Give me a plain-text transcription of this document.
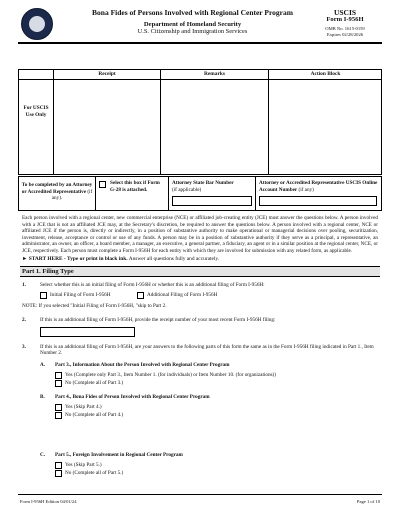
Bona Fides of Persons Involved with Regional Center Program
Department of Homeland Security
U.S. Citizenship and Immigration Services
USCIS
Form I-956H
OMB No. 1615-0159
Expires 02/28/2026
Receipt	Remarks	Action Block
For USCIS Use Only
To be completed by an Attorney or Accredited Representative (if any).
Select this box if Form G-28 is attached.
Attorney State Bar Number
(if applicable)
Attorney or Accredited Representative USCIS Online Account Number (if any)
Each person involved with a regional center, new commercial enterprise (NCE) or affiliated job-creating entity (JCE) must answer the questions below. A person involved with a JCE that is not an affiliated JCE may, at the Secretary's discretion, be required to answer the questions below. A person involved with a regional center, NCE or affiliated JCE if the person is, directly or indirectly, in a position of substantive authority to make operational or managerial decisions over pooling, securitization, investment, release, acceptance or control or use of any funds. A person may be in a position of substantive authority if they serve as a principal, a representative, an administrator, an owner, an officer, a board member, a manager, an executive, a general partner, a fiduciary, an agent or in a similar position at the regional center, NCE, or JCE, respectively. Each person must complete a Form I-956H for each entity with which they are involved for submission with any related form, as applicable.
► START HERE - Type or print in black ink. Answer all questions fully and accurately.
Part 1. Filing Type
1.	Select whether this is an initial filing of Form I-956H or whether this is an additional filing of Form I-956H:
Initial Filing of Form I-956H	Additional Filing of Form I-956H
NOTE: If you selected "Initial Filing of Form I-956H, "skip to Part 2.
2.	If this is an additional filing of Form I-956H, provide the receipt number of your most recent Form I-956H filing:
3.	If this is an additional filing of Form I-956H, are your answers to the following parts of this form the same as in the Form I-956H filing indicated in Part 1., Item Number 2.
A. Part 3., Information About the Person Involved with Regional Center Program
Yes (Complete only Part 3., Item Number 1. (for individuals) or Item Number 10. (for organizations))
No (Complete all of Part 3.)
B. Part 4., Bona Fides of Person Involved with Regional Center Program
Yes (Skip Part 4.)
No (Complete all of Part 4.)
C. Part 5., Foreign Involvement in Regional Center Program
Yes (Skip Part 5.)
No (Complete all of Part 5.)
Form I-956H Edition 04/01/24	Page 1 of 10
